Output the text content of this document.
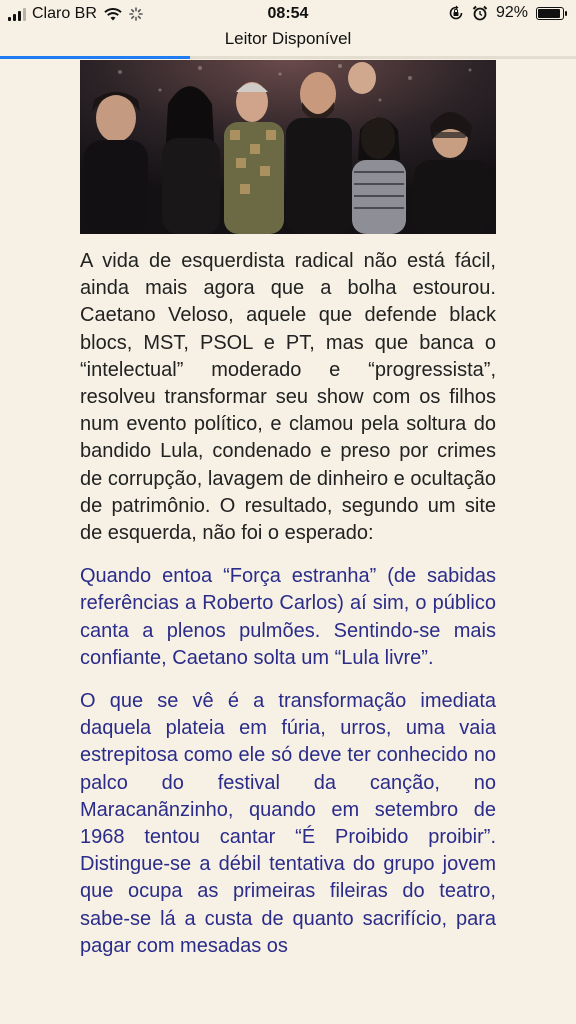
Claro BR	08:54	92%
Leitor Disponível

A vida de esquerdista radical não está fácil, ainda mais agora que a bolha estourou. Caetano Veloso, aquele que defende black blocs, MST, PSOL e PT, mas que banca o “intelectual” moderado e “progressista”, resolveu transformar seu show com os filhos num evento político, e clamou pela soltura do bandido Lula, condenado e preso por crimes de corrupção, lavagem de dinheiro e ocultação de patrimônio. O resultado, segundo um site de esquerda, não foi o esperado:

Quando entoa “Força estranha” (de sabidas referências a Roberto Carlos) aí sim, o público canta a plenos pulmões. Sentindo-se mais confiante, Caetano solta um “Lula livre”.

O que se vê é a transformação imediata daquela plateia em fúria, urros, uma vaia estrepitosa como ele só deve ter conhecido no palco do festival da canção, no Maracanãnzinho, quando em setembro de 1968 tentou cantar “É Proibido proibir”. Distingue-se a débil tentativa do grupo jovem que ocupa as primeiras fileiras do teatro, sabe-se lá a custa de quanto sacrifício, para pagar com mesadas os
